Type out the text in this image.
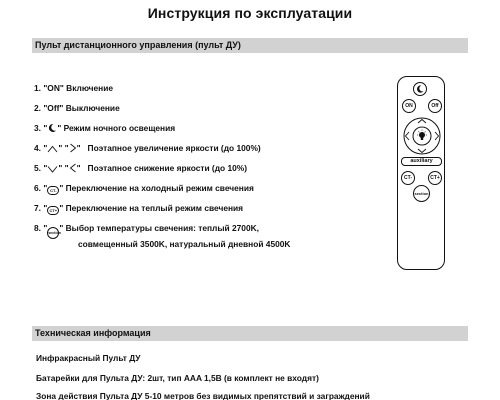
Инструкция по эксплуатации
Пульт дистанционного управления (пульт ДУ)
1. "ON" Включение
2. "Off" Выключение
3. " " Режим ночного освещения
4. " " " "   Поэтапное увеличение яркости (до 100%)
5. " " " "   Поэтапное снижение яркости (до 10%)
6. " CT- " Переключение на холодный режим свечения
7. " CT+ " Переключение на теплый режим свечения
8. "section" Выбор температуры свечения: теплый 2700K,
совмещенный 3500K, натуральный дневной 4500K
ON	Off
auxiliary
CT-	CT+
section
Техническая информация
Инфракрасный Пульт ДУ
Батарейки для Пульта ДУ: 2шт, тип AAA 1,5В (в комплект не входят)
Зона действия Пульта ДУ 5-10 метров без видимых препятствий и заграждений
